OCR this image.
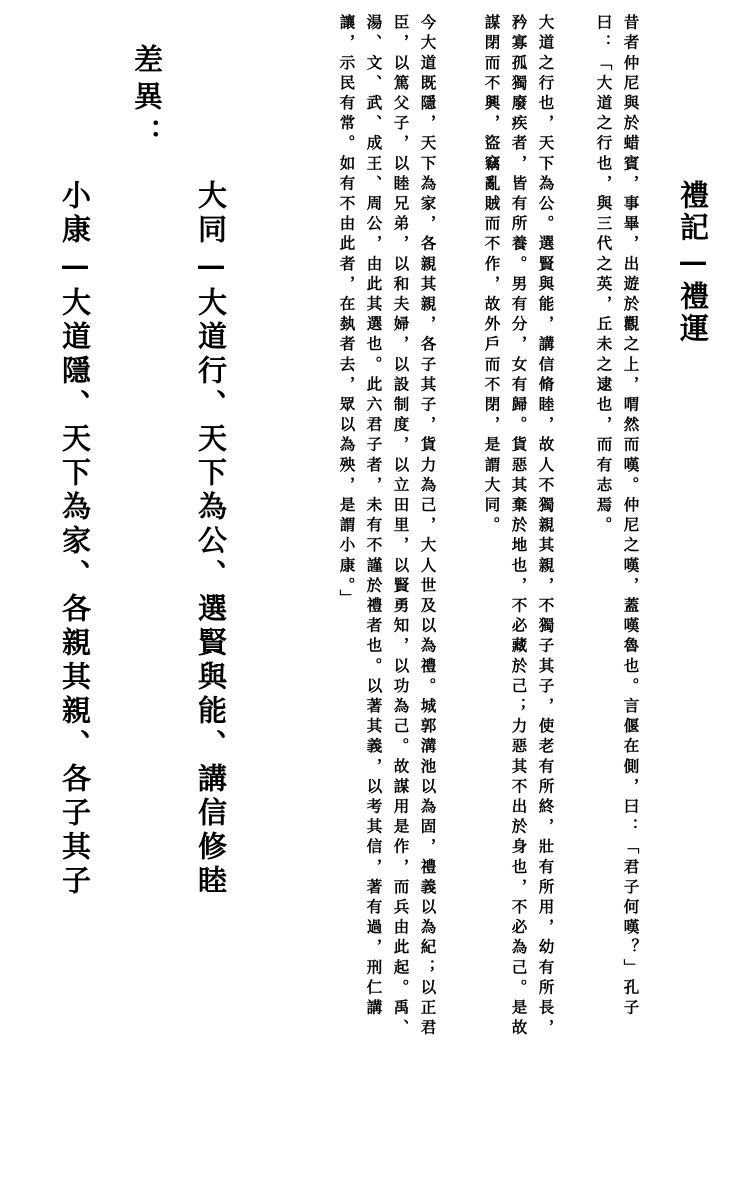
禮記—禮運
昔者仲尼與於蜡賓，事畢，出遊於觀之上，喟然而嘆。仲尼之嘆，蓋嘆魯也。言偃在側，曰：「君子何嘆？」孔子
曰：「大道之行也，與三代之英，丘未之逮也，而有志焉。
大道之行也，天下為公。選賢與能，講信脩睦，故人不獨親其親，不獨子其子，使老有所終，壯有所用，幼有所長，
矜寡孤獨廢疾者，皆有所養。男有分，女有歸。貨惡其棄於地也，不必藏於己；力惡其不出於身也，不必為己。是故
謀閉而不興，盜竊亂賊而不作，故外戶而不閉，是謂大同。
今大道既隱，天下為家，各親其親，各子其子，貨力為己，大人世及以為禮。城郭溝池以為固，禮義以為紀；以正君
臣，以篤父子，以睦兄弟，以和夫婦，以設制度，以立田里，以賢勇知，以功為己。故謀用是作，而兵由此起。禹、
湯、文、武、成王、周公，由此其選也。此六君子者，未有不謹於禮者也。以著其義，以考其信，著有過，刑仁講
讓，示民有常。如有不由此者，在埶者去，眾以為殃，是謂小康。」
差異：
大同—大道行、天下為公、選賢與能、講信修睦
小康—大道隱、天下為家、各親其親、各子其子
